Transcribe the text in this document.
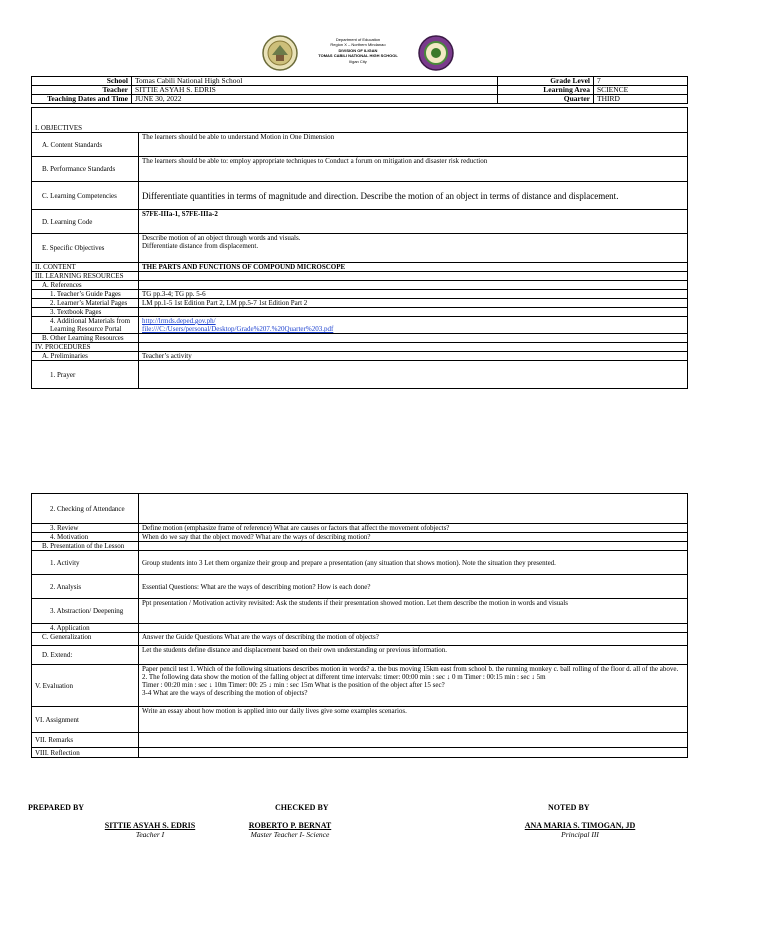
Department of Education
Region X – Northern Mindanao
DIVISION OF ILIGAN
TOMAS CABILI NATIONAL HIGH SCHOOL
Iligan City
School	Tomas Cabili National High School	Grade Level	7
Teacher	SITTIE ASYAH S. EDRIS	Learning Area	SCIENCE
Teaching Dates and Time	JUNE 30, 2022	Quarter	THIRD

I. OBJECTIVES	
A. Content Standards	The learners should be able to understand Motion in One Dimension
B. Performance Standards	The learners should be able to: employ appropriate techniques to Conduct a forum on mitigation and disaster risk reduction
C. Learning Competencies	Differentiate quantities in terms of magnitude and direction. Describe the motion of an object in terms of distance and displacement.
D. Learning Code	S7FE-IIIa-1, S7FE-IIIa-2
E. Specific Objectives	Describe motion of an object through words and visuals.
Differentiate distance from displacement.

II. CONTENT	THE PARTS AND FUNCTIONS OF COMPOUND MICROSCOPE
III. LEARNING RESOURCES	
A. References	
1. Teacher’s Guide Pages	TG pp.3-4; TG pp. 5-6
2. Learner’s Material Pages	LM pp.1-5 1st Edition Part 2, LM pp.5-7 1st Edition Part 2
3. Textbook Pages	
4. Additional Materials from Learning Resource Portal	http://lrmds.deped.gov.ph/
file:///C:/Users/personal/Desktop/Grade%207.%20Quarter%203.pdf

B. Other Learning Resources	
IV. PROCEDURES	
A. Preliminaries	Teacher’s activity
1. Prayer	
2. Checking of Attendance	
3. Review	Define motion (emphasize frame of reference) What are causes or factors that affect the movement ofobjects?
4. Motivation	When do we say that the object moved? What are the ways of describing motion?
B. Presentation of the Lesson	
1. Activity	Group students into 3 Let them organize their group and prepare a presentation (any situation that shows motion). Note the situation they presented.
2. Analysis	Essential Questions: What are the ways of describing motion? How is each done?
3. Abstraction/ Deepening	Ppt presentation / Motivation activity revisited: Ask the students if their presentation showed motion. Let them describe the motion in words and visuals
4. Application	
C. Generalization	Answer the Guide Questions What are the ways of describing the motion of objects?
D. Extend:	Let the students define distance and displacement based on their own understanding or previous information.
V. Evaluation	Paper pencil test 1. Which of the following situations describes motion in words? a. the bus moving 15km east from school b. the running monkey c. ball rolling of the floor d. all of the above.
2. The following data show the motion of the falling object at different time intervals: timer: 00:00 min : sec ↓ 0 m Timer : 00:15 min : sec ↓ 5m
Timer : 00:20 min : sec ↓ 10m Timer: 00: 25 ↓ min : sec 15m What is the position of the object after 15 sec?
3-4 What are the ways of describing the motion of objects?

VI. Assignment	Write an essay about how motion is applied into our daily lives give some examples scenarios.
VII. Remarks	
VIII. Reflection	
PREPARED BY	CHECKED BY	NOTED BY
SITTIE ASYAH S. EDRIS
Teacher I
ROBERTO P. BERNAT
Master Teacher I- Science
ANA MARIA S. TIMOGAN, JD
Principal III
